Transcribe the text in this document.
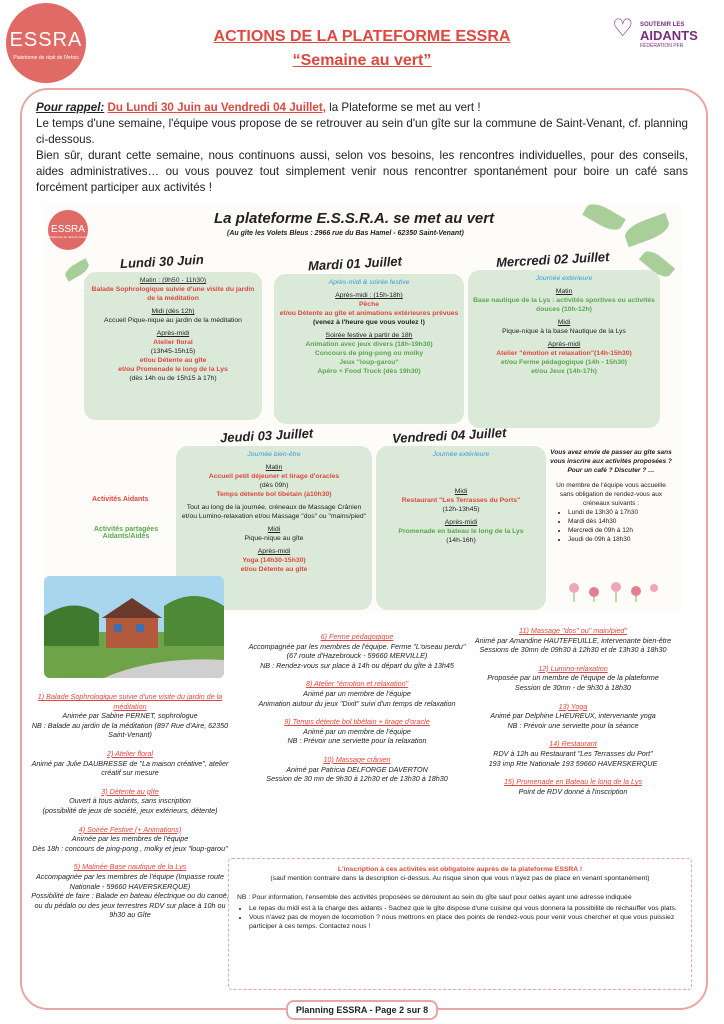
ESSRA
Plateforme de répit de l'Artois
♡	SOUTENIR LES
AIDANTS
FÉDÉRATION PFR
ACTIONS DE LA PLATEFORME ESSRA
“Semaine au vert”
Pour rappel: Du Lundi 30 Juin au Vendredi 04 Juillet, la Plateforme se met au vert !
Le temps d'une semaine, l'équipe vous propose de se retrouver au sein d'un gîte sur la commune de Saint-Venant, cf. planning ci-dessous.
Bien sûr, durant cette semaine, nous continuons aussi, selon vos besoins, les rencontres individuelles, pour des conseils, aides administratives… ou vous pouvez tout simplement venir nous rencontrer spontanément pour boire un café sans forcément participer aux activités !
ESSRA
Plateforme de répit de l'Artois
La plateforme E.S.S.R.A. se met au vert
(Au gîte les Volets Bleus : 2966 rue du Bas Hamel - 62350 Saint-Venant)
Lundi 30 Juin

Matin : (9h50 - 11h30)
Balade Sophrologique suivie d'une visite du jardin de la méditation

Midi (dès 12h)
Accueil Pique-nique au jardin de la méditation

Après-midi
Atelier floral
(13h45-15h15)
et/ou Détente au gîte
et/ou Promenade le long de la Lys
(dès 14h ou de 15h15 à 17h)

Mardi 01 Juillet

Après-midi & soirée festive

Après-midi : (15h-18h)
Pêche
et/ou Détente au gîte et animations extérieures prévues
(venez à l'heure que vous voulez !)

Soirée festive à partir de 18h
Animation avec jeux divers (18h-19h30)
Concours de ping-pong ou molky
Jeux "loup-garou"
Apéro + Food Truck (dès 19h30)

Mercredi 02 Juillet

Journée extérieure

Matin
Base nautique de la Lys : activités sportives ou activités douces (10h-12h)

Midi
Pique-nique à la base Nautique de la Lys

Après-midi
Atelier "émotion et relaxation"(14h-15h30)
et/ou Ferme pédagogique (14h - 15h30)
et/ou Jeux (14h-17h)

Jeudi 03 Juillet

Journée bien-être

Matin
Accueil petit déjeuner et tirage d'oracles
(dès 09h)
Temps détente bol tibétain (à10h30)

Tout au long de la journée, créneaux de Massage Crânien et/ou Lumino-relaxation et/ou Massage "dos" ou "mains/pied"

Midi
Pique-nique au gîte

Après-midi
Yoga (14h30-15h30)
et/ou Détente au gîte

Vendredi 04 Juillet

Journée extérieure

Midi
Restaurant "Les Terrasses du Ports"
(12h-13h45)

Après-midi
Promenade en bateau le long de la Lys
(14h-16h)

Activités Aidants
Activités partagées Aidants/Aidés
Vous avez envie de passer au gîte sans vous inscrire aux activités proposées ? Pour un café ? Discuter ? …
Un membre de l'équipe vous accueille sans obligation de rendez-vous aux créneaux suivants :
• Lundi de 13h30 à 17h30
• Mardi dès 14h30
• Mercredi de 09h à 12h
• Jeudi de 09h à 18h30

1) Balade Sophrologique suivie d'une visite du jardin de la méditation
Animée par Sabine PERNET, sophrologue
NB : Balade au jardin de la méditation (897 Rue d'Aire, 62350 Saint-Venant)

2) Atelier floral
Animé par Julie DAUBRESSE de "La maison créative", atelier créatif sur mesure

3) Détente au gîte
Ouvert à tous aidants, sans inscription
(possibilité de jeux de société, jeux extérieurs, détente)

4) Soirée Festive (+ Animations)
Animée par les membres de l'équipe
Dès 18h : concours de ping-pong , molky et jeux "loup-garou"

5) Matinée Base nautique de la Lys
Accompagnée par les membres de l'équipe (Impasse route Nationale - 59660 HAVERSKERQUE)
Possibilité de faire : Balade en bateau électrique ou du canoë, ou du pédalo ou des jeux terrestres RDV sur place à 10h ou 9h30 au Gîte

6) Ferme pédagogique
Accompagnée par les membres de l'équipe. Ferme "L'oiseau perdu" (67 route d'Hazebrouck - 59660 MERVILLE)
NB : Rendez-vous sur place à 14h ou départ du gîte à 13h45

8) Atelier "émotion et relaxation"
Animé par un membre de l'équipe
Animation autour du jeux "Dixit" suivi d'un temps de relaxation

9) Temps détente bol tibétain + tirage d'oracle
Animé par un membre de l'équipe
NB : Prévoir une serviette pour la relaxation

10) Massage crânien
Animé par Patricia DELFORGE DAVERTON
Session de 30 mn de 9h30 à 12h30 et de 13h30 à 18h30

11) Massage "dos" ou" main/pied"
Animé par Amandine HAUTEFEUILLE, intervenante bien-être
Sessions de 30mn de 09h30 à 12h30 et de 13h30 à 18h30

12) Lumino-relaxation
Proposée par un membre de l'équipe de la plateforme
Session de 30mn - de 9h30 à 18h30

13) Yoga
Animé par Delphine LHEUREUX, intervenante yoga
NB : Prévoir une serviette pour la séance

14) Restaurant
RDV à 12h au Restaurant "Les Terrasses du Port"
193 imp Rte Nationale 193 59660 HAVERSKERQUE

15) Promenade en Bateau le long de la Lys
Point de RDV donné à l'inscription

L'inscription à ces activités est obligatoire auprès de la plateforme ESSRA !
(sauf mention contraire dans la description ci-dessus. Au risque sinon que vous n'ayez pas de place en venant spontanément)
NB : Pour information, l'ensemble des activités proposées se déroulent au sein du gîte sauf pour celles ayant une adresse indiquée
• Le repas du midi est à la charge des aidants - Sachez que le gîte dispose d'une cuisine qui vous donnera la possibilité de réchauffer vos plats.
• Vous n'avez pas de moyen de locomotion ? nous mettrons en place des points de rendez-vous pour venir vous chercher et que vous puissiez participer à ces temps. Contactez nous !
Planning ESSRA - Page 2 sur 8
